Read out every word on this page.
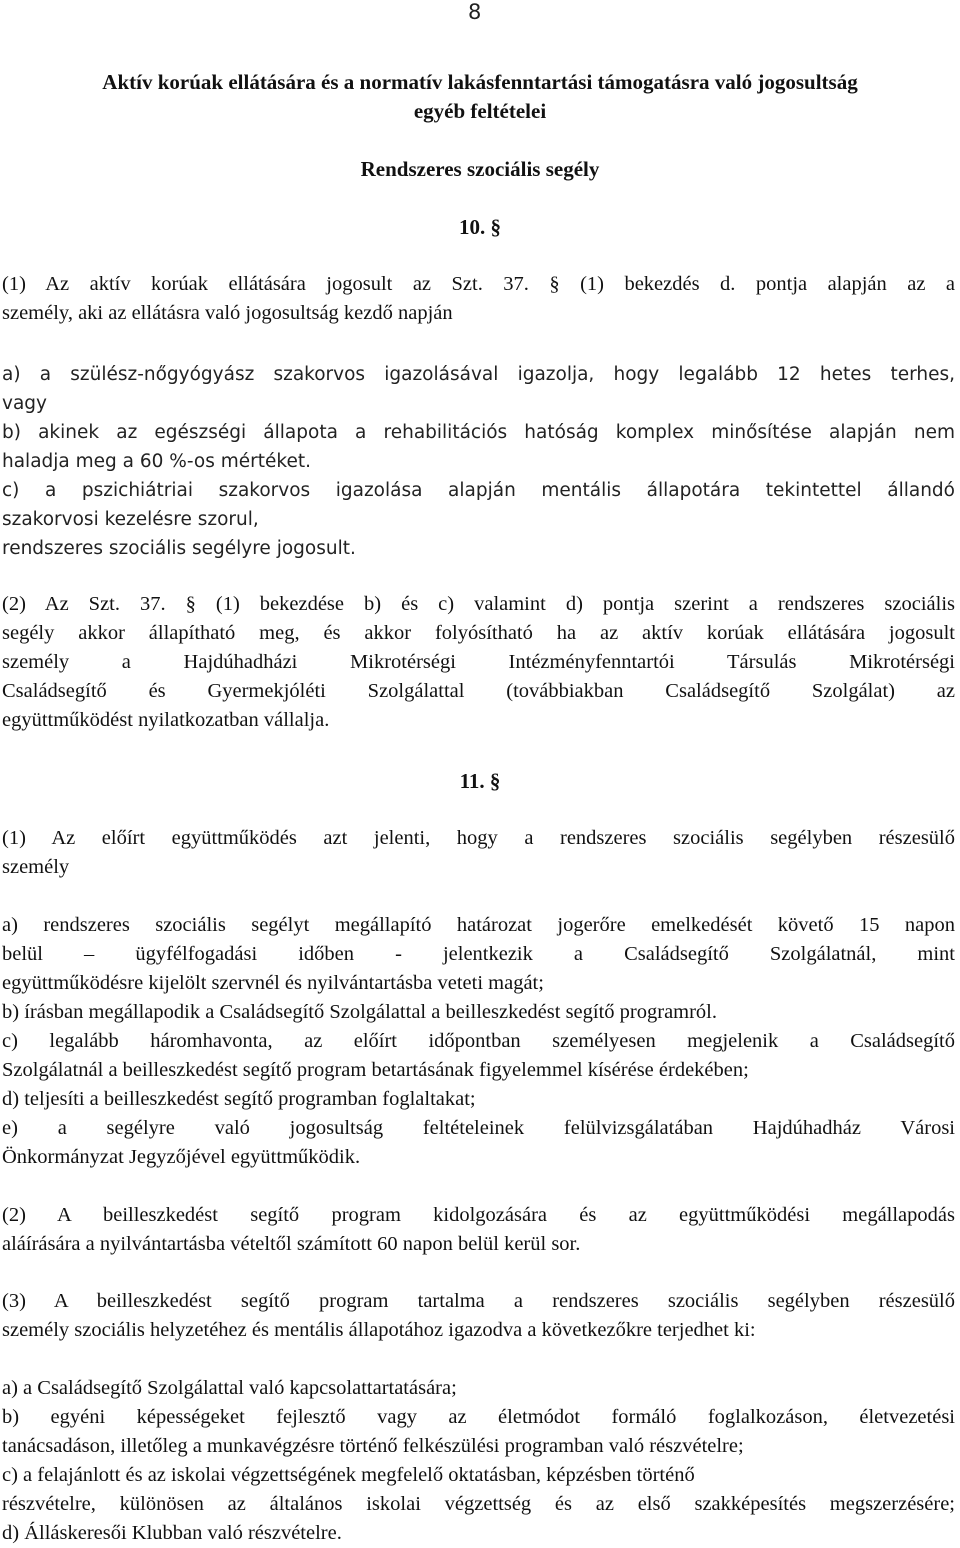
8
Aktív korúak ellátására és a normatív lakásfenntartási támogatásra való jogosultság
egyéb feltételei
Rendszeres szociális segély
10. §
(1) Az aktív korúak ellátására jogosult az Szt. 37. § (1) bekezdés d. pontja alapján az a
személy, aki az ellátásra való jogosultság kezdő napján
a) a szülész-nőgyógyász szakorvos igazolásával igazolja, hogy legalább 12 hetes terhes,
vagy
b) akinek az egészségi állapota a rehabilitációs hatóság komplex minősítése alapján nem
haladja meg a 60 %-os mértéket.
c) a pszichiátriai szakorvos igazolása alapján mentális állapotára tekintettel állandó
szakorvosi kezelésre szorul,
rendszeres szociális segélyre jogosult.
(2) Az Szt. 37. § (1) bekezdése b) és c) valamint d) pontja szerint a rendszeres szociális
segély akkor állapítható meg, és akkor folyósítható ha az aktív korúak ellátására jogosult
személy a Hajdúhadházi Mikrotérségi Intézményfenntartói Társulás Mikrotérségi
Családsegítő és Gyermekjóléti Szolgálattal (továbbiakban Családsegítő Szolgálat) az
együttműködést nyilatkozatban vállalja.
11. §
(1) Az előírt együttműködés azt jelenti, hogy a rendszeres szociális segélyben részesülő
személy
a) rendszeres szociális segélyt megállapító határozat jogerőre emelkedését követő 15 napon
belül – ügyfélfogadási időben - jelentkezik a Családsegítő Szolgálatnál, mint
együttműködésre kijelölt szervnél és nyilvántartásba veteti magát;
b) írásban megállapodik a Családsegítő Szolgálattal a beilleszkedést segítő programról.
c) legalább háromhavonta, az előírt időpontban személyesen megjelenik a Családsegítő
Szolgálatnál a beilleszkedést segítő program betartásának figyelemmel kísérése érdekében;
d) teljesíti a beilleszkedést segítő programban foglaltakat;
e) a segélyre való jogosultság feltételeinek felülvizsgálatában Hajdúhadház Városi
Önkormányzat Jegyzőjével együttműködik.
(2) A beilleszkedést segítő program kidolgozására és az együttműködési megállapodás
aláírására a nyilvántartásba vételtől számított 60 napon belül kerül sor.
(3) A beilleszkedést segítő program tartalma a rendszeres szociális segélyben részesülő
személy szociális helyzetéhez és mentális állapotához igazodva a következőkre terjedhet ki:
a) a Családsegítő Szolgálattal való kapcsolattartatására;
b) egyéni képességeket fejlesztő vagy az életmódot formáló foglalkozáson, életvezetési
tanácsadáson, illetőleg a munkavégzésre történő felkészülési programban való részvételre;
c) a felajánlott és az iskolai végzettségének megfelelő oktatásban, képzésben történő
részvételre, különösen az általános iskolai végzettség és az első szakképesítés megszerzésére;
d) Álláskeresői Klubban való részvételre.
